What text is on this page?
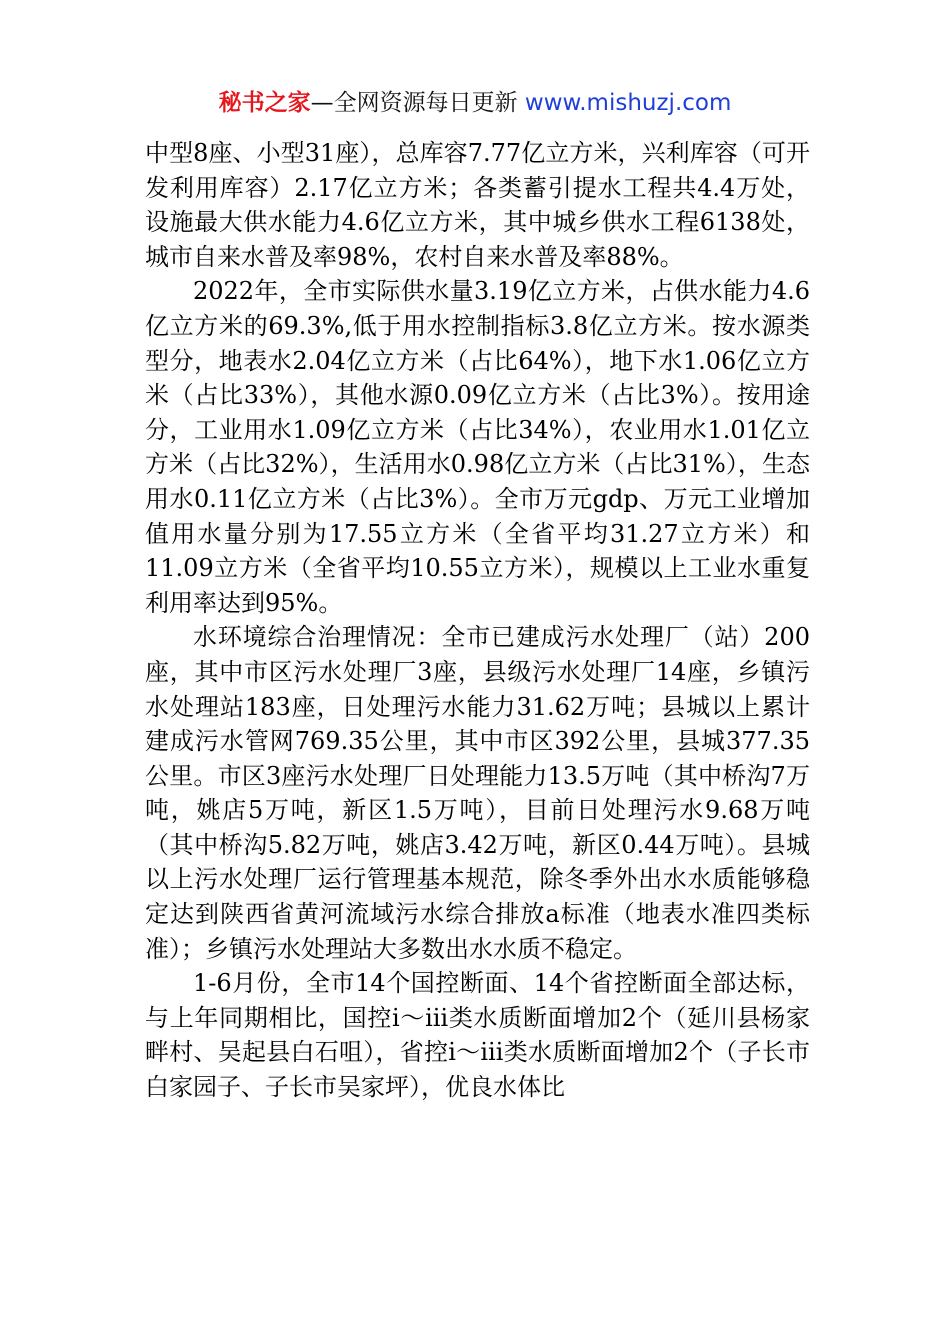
秘书之家—全网资源每日更新 www.mishuzj.com

中型8座、小型31座），总库容7.77亿立方米，兴利库容（可开发利用库容）2.17亿立方米；各类蓄引提水工程共4.4万处，设施最大供水能力4.6亿立方米，其中城乡供水工程6138处，城市自来水普及率98%，农村自来水普及率88%。

2022年，全市实际供水量3.19亿立方米，占供水能力4.6亿立方米的69.3%,低于用水控制指标3.8亿立方米。按水源类型分，地表水2.04亿立方米（占比64%），地下水1.06亿立方米（占比33%），其他水源0.09亿立方米（占比3%）。按用途分，工业用水1.09亿立方米（占比34%），农业用水1.01亿立方米（占比32%），生活用水0.98亿立方米（占比31%），生态用水0.11亿立方米（占比3%）。全市万元gdp、万元工业增加值用水量分别为17.55立方米（全省平均31.27立方米）和11.09立方米（全省平均10.55立方米），规模以上工业水重复利用率达到95%。

水环境综合治理情况：全市已建成污水处理厂（站）200座，其中市区污水处理厂3座，县级污水处理厂14座，乡镇污水处理站183座，日处理污水能力31.62万吨；县城以上累计建成污水管网769.35公里，其中市区392公里，县城377.35公里。市区3座污水处理厂日处理能力13.5万吨（其中桥沟7万吨，姚店5万吨，新区1.5万吨），目前日处理污水9.68万吨（其中桥沟5.82万吨，姚店3.42万吨，新区0.44万吨）。县城以上污水处理厂运行管理基本规范，除冬季外出水水质能够稳定达到陕西省黄河流域污水综合排放a标准（地表水准四类标准）；乡镇污水处理站大多数出水水质不稳定。

1-6月份，全市14个国控断面、14个省控断面全部达标，与上年同期相比，国控ⅰ～ⅲ类水质断面增加2个（延川县杨家畔村、吴起县白石咀），省控ⅰ～ⅲ类水质断面增加2个（子长市白家园子、子长市吴家坪），优良水体比
